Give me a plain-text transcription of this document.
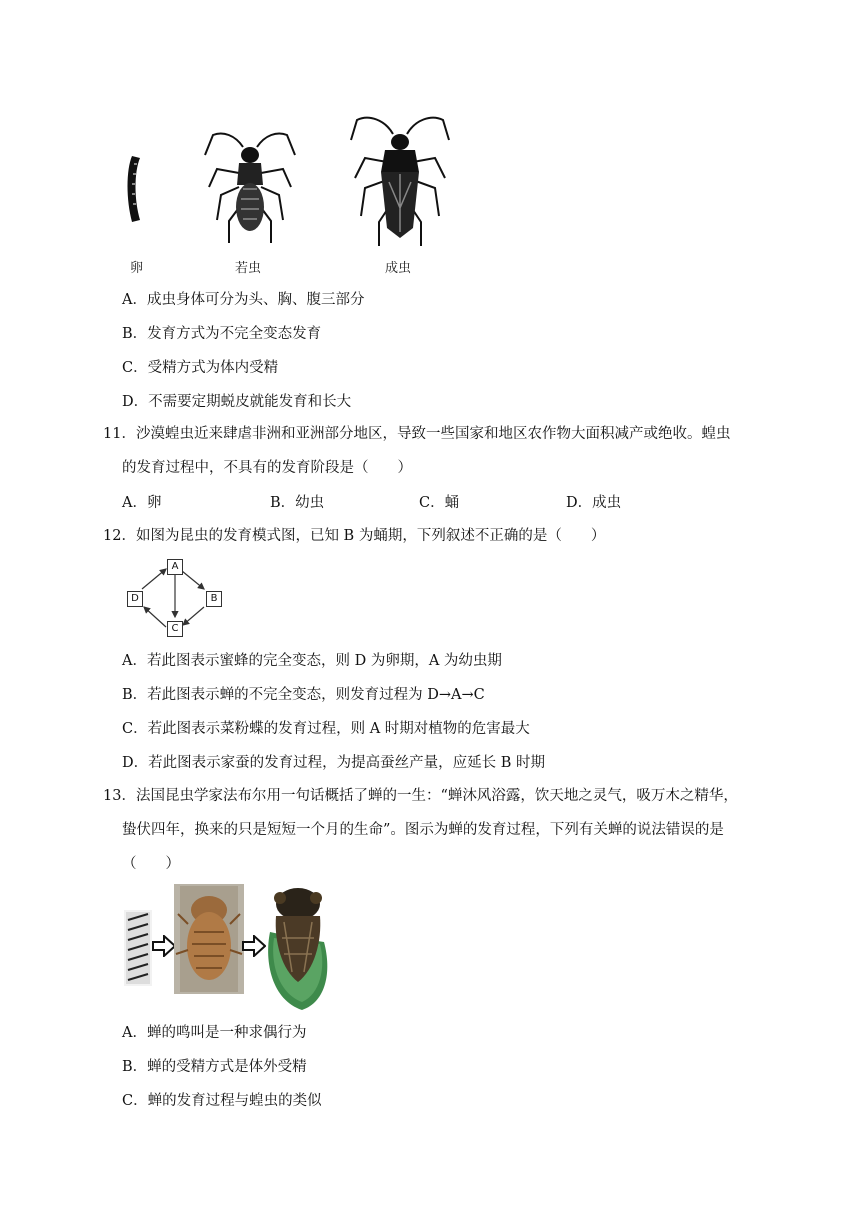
卵	若虫	成虫
A．成虫身体可分为头、胸、腹三部分
B．发育方式为不完全变态发育
C．受精方式为体内受精
D．不需要定期蜕皮就能发育和长大
11．沙漠蝗虫近来肆虐非洲和亚洲部分地区，导致一些国家和地区农作物大面积减产或绝收。蝗虫
的发育过程中，不具有的发育阶段是（　　）
A．卵	B．幼虫	C．蛹	D．成虫
12．如图为昆虫的发育模式图，已知 B 为蛹期，下列叙述不正确的是（　　）
A
B
C
D
A．若此图表示蜜蜂的完全变态，则 D 为卵期，A 为幼虫期
B．若此图表示蝉的不完全变态，则发育过程为 D→A→C
C．若此图表示菜粉蝶的发育过程，则 A 时期对植物的危害最大
D．若此图表示家蚕的发育过程，为提高蚕丝产量，应延长 B 时期
13．法国昆虫学家法布尔用一句话概括了蝉的一生：“蝉沐风浴露，饮天地之灵气，吸万木之精华，
蛰伏四年，换来的只是短短一个月的生命”。图示为蝉的发育过程，下列有关蝉的说法错误的是
（　　）
A．蝉的鸣叫是一种求偶行为
B．蝉的受精方式是体外受精
C．蝉的发育过程与蝗虫的类似
